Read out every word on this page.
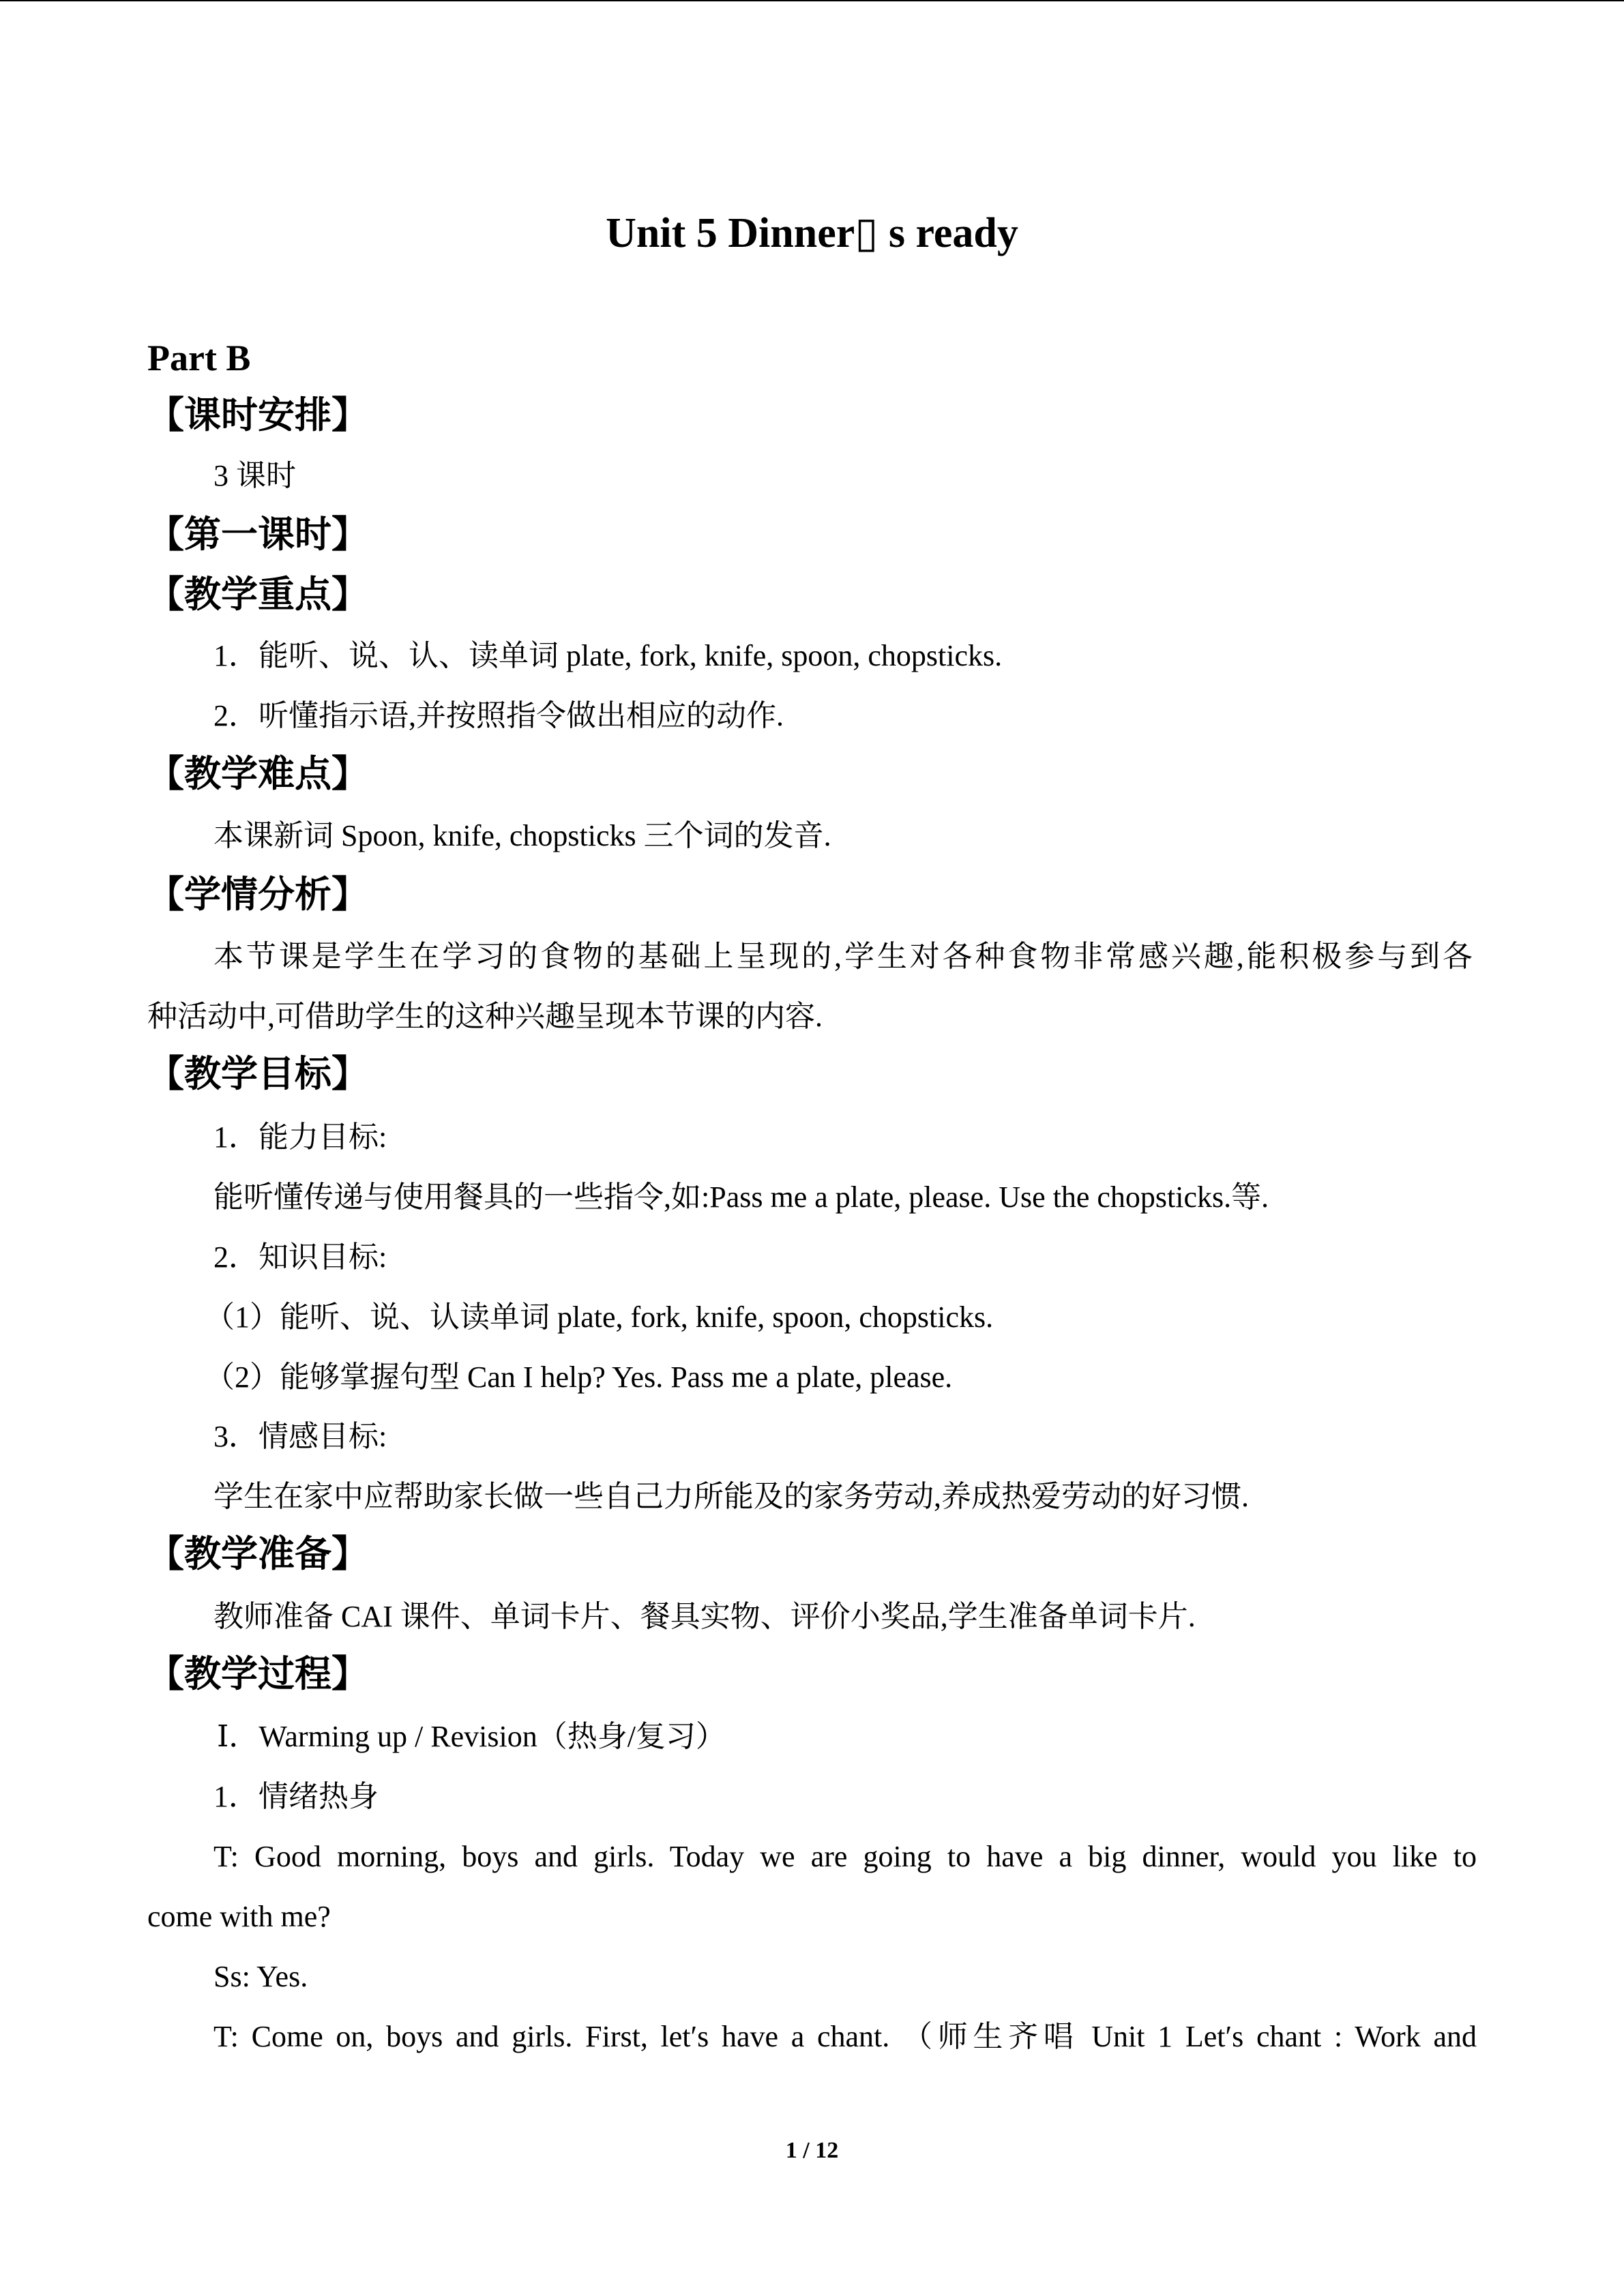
Unit 5 Dinner▯ s ready
Part B
【课时安排】
3 课时
【第一课时】
【教学重点】
1．能听、说、认、读单词 plate, fork, knife, spoon, chopsticks.
2．听懂指示语,并按照指令做出相应的动作.
【教学难点】
本课新词 Spoon, knife, chopsticks 三个词的发音.
【学情分析】
本节课是学生在学习的食物的基础上呈现的,学生对各种食物非常感兴趣,能积极参与到各
种活动中,可借助学生的这种兴趣呈现本节课的内容.
【教学目标】
1．能力目标:
能听懂传递与使用餐具的一些指令,如:Pass me a plate, please. Use the chopsticks.等.
2．知识目标:
（1）能听、说、认读单词 plate, fork, knife, spoon, chopsticks.
（2）能够掌握句型 Can I help? Yes. Pass me a plate, please.
3．情感目标:
学生在家中应帮助家长做一些自己力所能及的家务劳动,养成热爱劳动的好习惯.
【教学准备】
教师准备 CAI 课件、单词卡片、餐具实物、评价小奖品,学生准备单词卡片.
【教学过程】
Ⅰ．Warming up / Revision（热身/复习）
1．情绪热身
T: Good morning, boys and girls. Today we are going to have a big dinner, would you like to
come with me?
Ss: Yes.
T: Come on, boys and girls. First, let′s have a chant. （师生齐唱 Unit 1 Let′s chant : Work and
1 / 12
